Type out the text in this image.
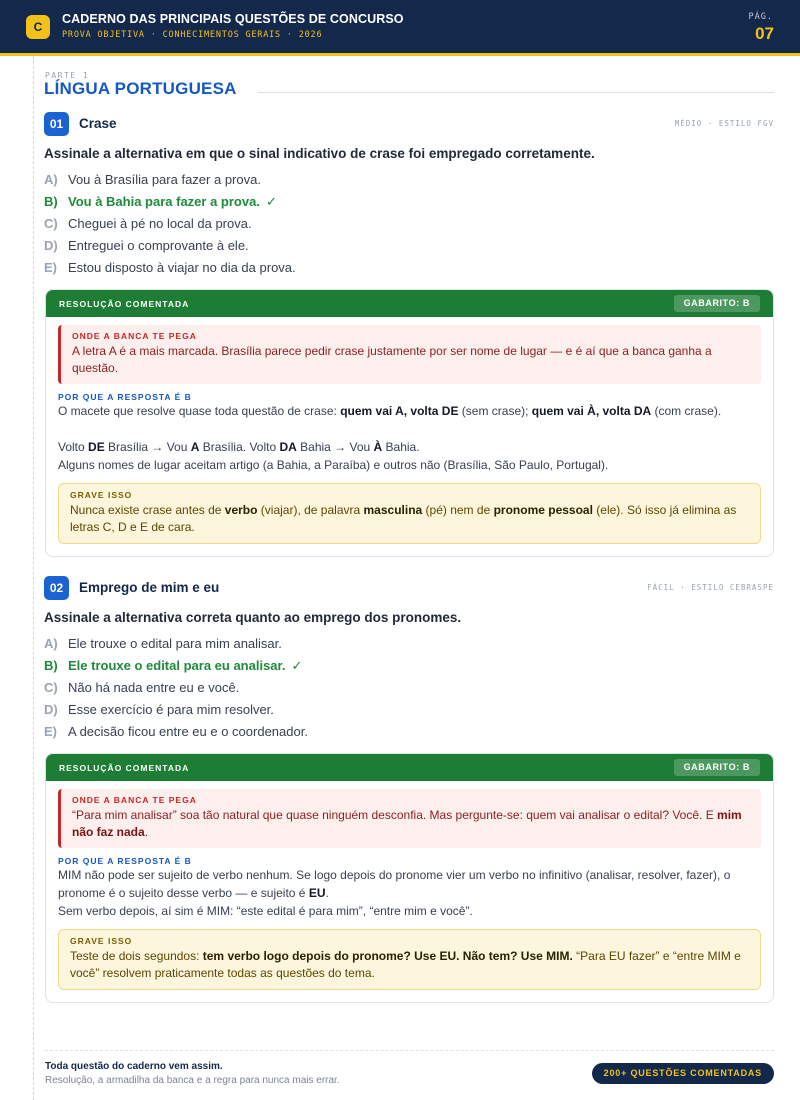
C
CADERNO DAS PRINCIPAIS QUESTÕES DE CONCURSO
PROVA OBJETIVA · CONHECIMENTOS GERAIS · 2026
PÁG.
07
PARTE 1
LÍNGUA PORTUGUESA
01	Crase	MÉDIO · ESTILO FGV

Assinale a alternativa em que o sinal indicativo de crase foi empregado corretamente.

A) Vou à Brasília para fazer a prova.
B) Vou à Bahia para fazer a prova. ✓
C) Cheguei à pé no local da prova.
D) Entreguei o comprovante à ele.
E) Estou disposto à viajar no dia da prova.
RESOLUÇÃO COMENTADA	GABARITO: B
ONDE A BANCA TE PEGA
A letra A é a mais marcada. Brasília parece pedir crase justamente por ser nome de lugar — e é aí que a banca ganha a questão.
POR QUE A RESPOSTA É B

O macete que resolve quase toda questão de crase: quem vai A, volta DE (sem crase); quem vai À, volta DA (com crase).

Volto DE Brasília → Vou A Brasília. Volto DA Bahia → Vou À Bahia.

Alguns nomes de lugar aceitam artigo (a Bahia, a Paraíba) e outros não (Brasília, São Paulo, Portugal).

GRAVE ISSO
Nunca existe crase antes de verbo (viajar), de palavra masculina (pé) nem de pronome pessoal (ele). Só isso já elimina as letras C, D e E de cara.
02	Emprego de mim e eu	FÁCIL · ESTILO CEBRASPE

Assinale a alternativa correta quanto ao emprego dos pronomes.

A) Ele trouxe o edital para mim analisar.
B) Ele trouxe o edital para eu analisar. ✓
C) Não há nada entre eu e você.
D) Esse exercício é para mim resolver.
E) A decisão ficou entre eu e o coordenador.
RESOLUÇÃO COMENTADA	GABARITO: B
ONDE A BANCA TE PEGA
“Para mim analisar” soa tão natural que quase ninguém desconfia. Mas pergunte-se: quem vai analisar o edital? Você. E mim não faz nada.
POR QUE A RESPOSTA É B

MIM não pode ser sujeito de verbo nenhum. Se logo depois do pronome vier um verbo no infinitivo (analisar, resolver, fazer), o pronome é o sujeito desse verbo — e sujeito é EU.

Sem verbo depois, aí sim é MIM: “este edital é para mim”, “entre mim e você”.

GRAVE ISSO
Teste de dois segundos: tem verbo logo depois do pronome? Use EU. Não tem? Use MIM. “Para EU fazer” e “entre MIM e você” resolvem praticamente todas as questões do tema.
Toda questão do caderno vem assim.
Resolução, a armadilha da banca e a regra para nunca mais errar.
200+ QUESTÕES COMENTADAS
